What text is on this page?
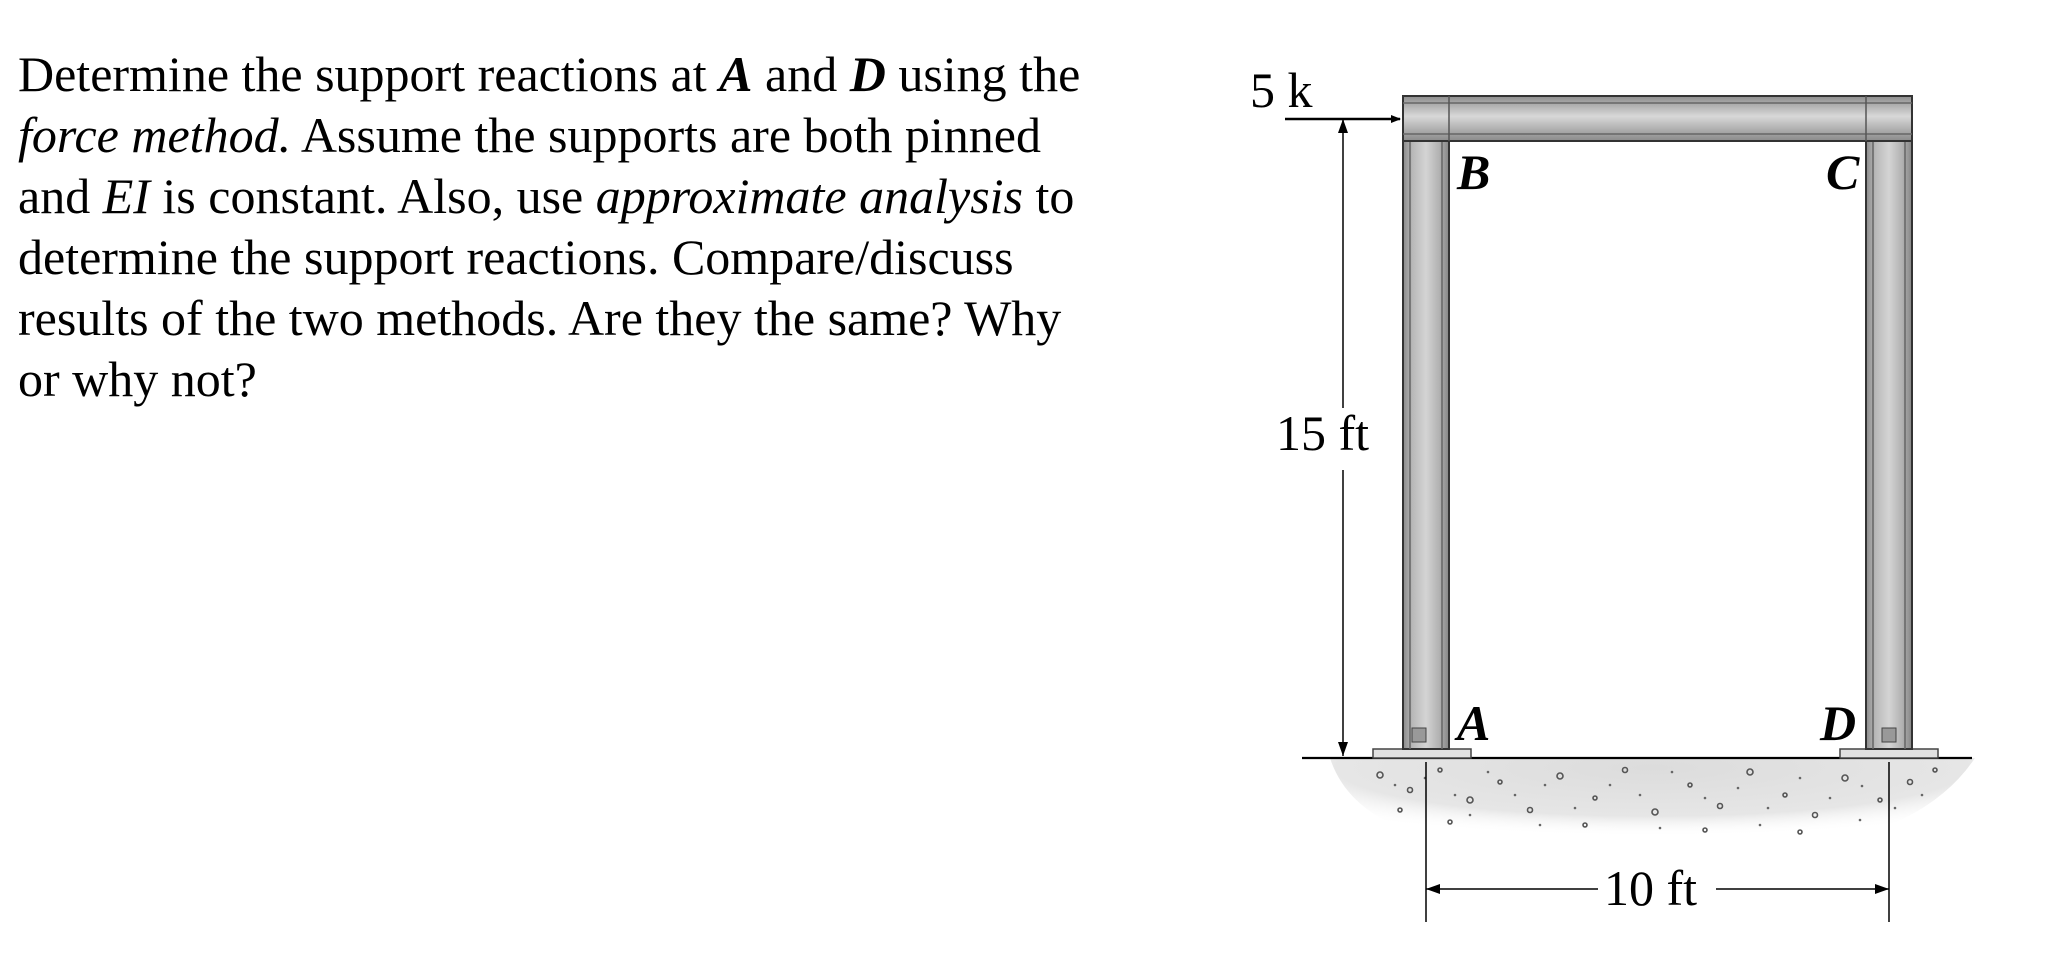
Determine the support reactions at A and D using the

force method. Assume the supports are both pinned

and EI is constant. Also, use approximate analysis to

determine the support reactions. Compare/discuss

results of the two methods. Are they the same? Why

or why not?

5 k
15 ft
10 ft
B	C
A	D
